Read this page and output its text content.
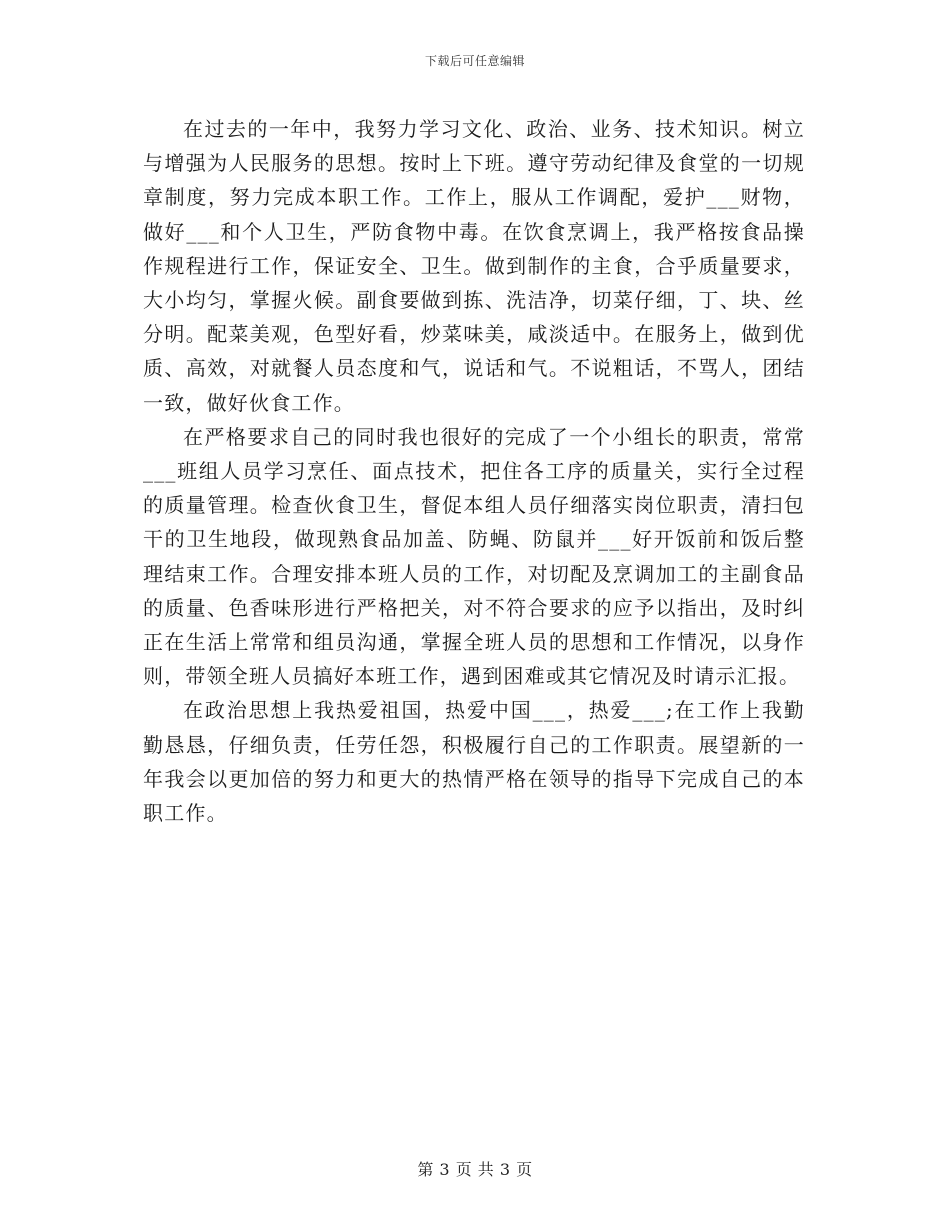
下载后可任意编辑

在过去的一年中，我努力学习文化、政治、业务、技术知识。树立与增强为人民服务的思想。按时上下班。遵守劳动纪律及食堂的一切规章制度，努力完成本职工作。工作上，服从工作调配，爱护___财物，做好___和个人卫生，严防食物中毒。在饮食烹调上，我严格按食品操作规程进行工作，保证安全、卫生。做到制作的主食，合乎质量要求，大小均匀，掌握火候。副食要做到拣、洗洁净，切菜仔细，丁、块、丝分明。配菜美观，色型好看，炒菜味美，咸淡适中。在服务上，做到优质、高效，对就餐人员态度和气，说话和气。不说粗话，不骂人，团结一致，做好伙食工作。

在严格要求自己的同时我也很好的完成了一个小组长的职责，常常___班组人员学习烹任、面点技术，把住各工序的质量关，实行全过程的质量管理。检查伙食卫生，督促本组人员仔细落实岗位职责，清扫包干的卫生地段，做现熟食品加盖、防蝇、防鼠并___好开饭前和饭后整理结束工作。合理安排本班人员的工作，对切配及烹调加工的主副食品的质量、色香味形进行严格把关，对不符合要求的应予以指出，及时纠正在生活上常常和组员沟通，掌握全班人员的思想和工作情况，以身作则，带领全班人员搞好本班工作，遇到困难或其它情况及时请示汇报。

在政治思想上我热爱祖国，热爱中国___，热爱___;在工作上我勤勤恳恳，仔细负责，任劳任怨，积极履行自己的工作职责。展望新的一年我会以更加倍的努力和更大的热情严格在领导的指导下完成自己的本职工作。

第 3 页 共 3 页
